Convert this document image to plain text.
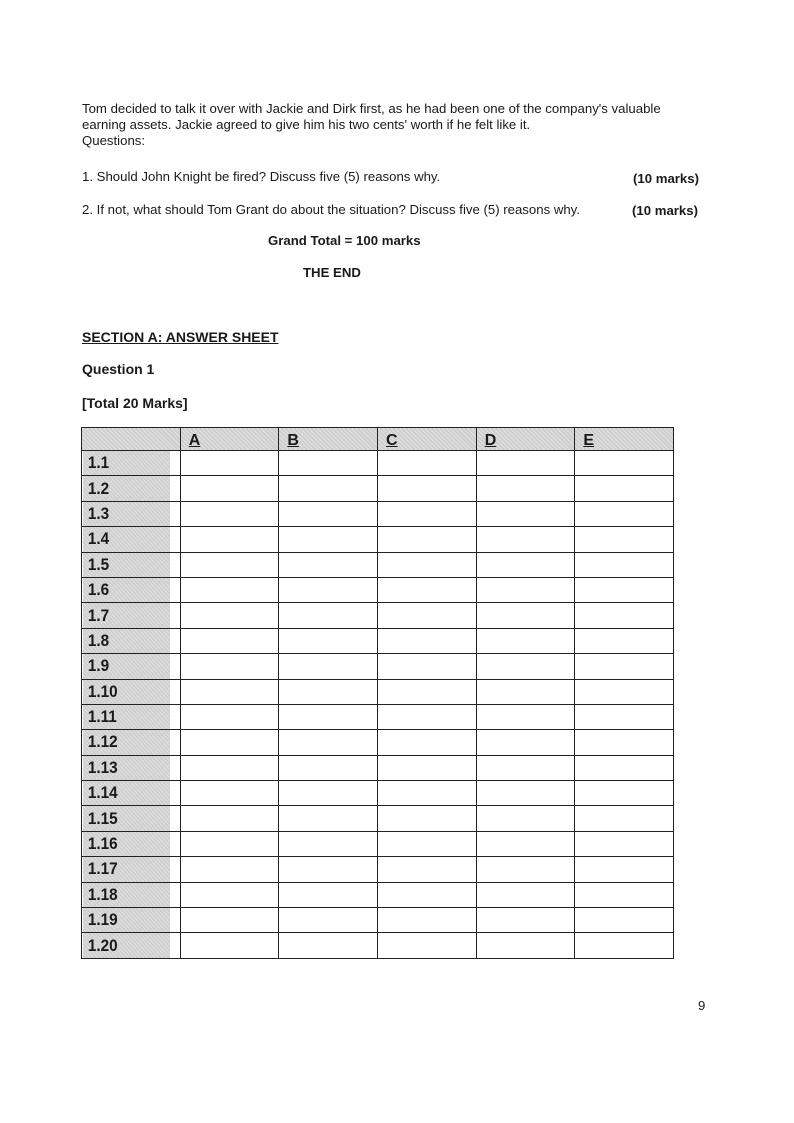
Tom decided to talk it over with Jackie and Dirk first, as he had been one of the company's valuable
earning assets. Jackie agreed to give him his two cents' worth if he felt like it.
Questions:
1. Should John Knight be fired? Discuss five (5) reasons why.	(10 marks)
2. If not, what should Tom Grant do about the situation? Discuss five (5) reasons why.	(10 marks)
Grand Total = 100 marks
THE END
SECTION A: ANSWER SHEET
Question 1
[Total 20 Marks]
	A	B	C	D	E
1.1					
1.2					
1.3					
1.4					
1.5					
1.6					
1.7					
1.8					
1.9					
1.10					
1.11					
1.12					
1.13					
1.14					
1.15					
1.16					
1.17					
1.18					
1.19					
1.20					
9
